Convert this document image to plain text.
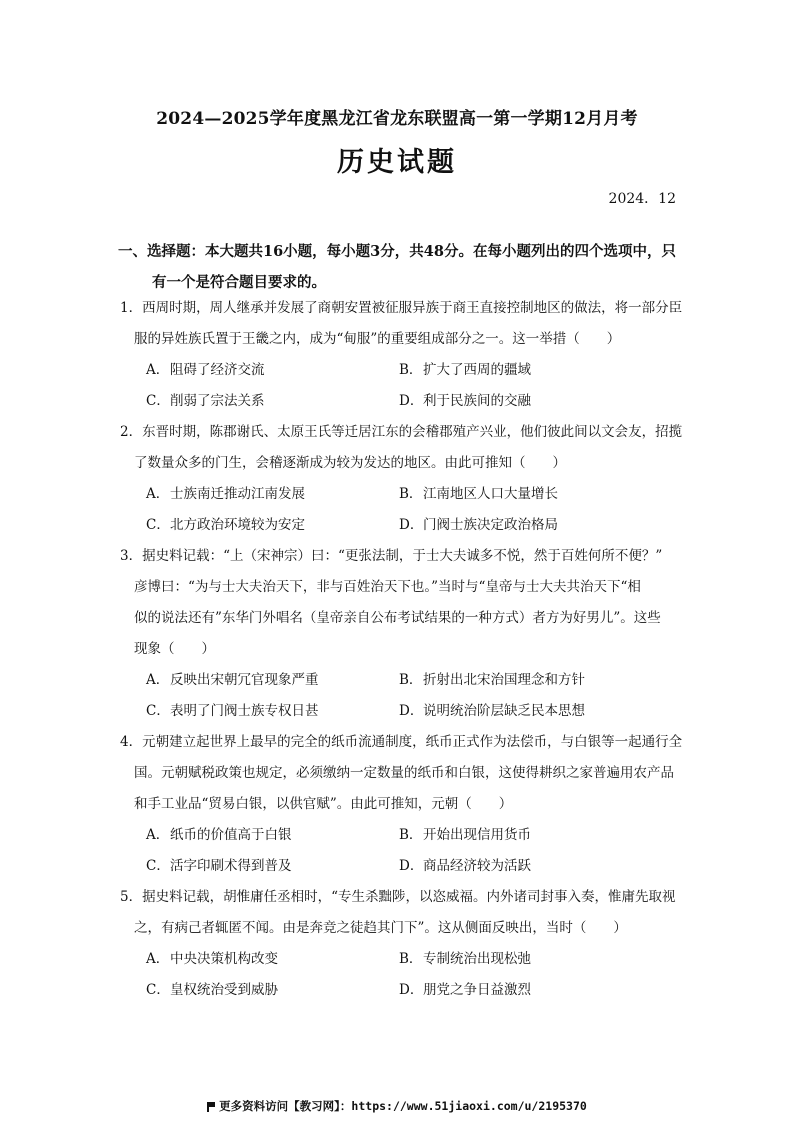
2024—2025学年度黑龙江省龙东联盟高一第一学期12月月考
历史试题
2024．12
一、选择题：本大题共16小题，每小题3分，共48分。在每小题列出的四个选项中，只
有一个是符合题目要求的。
1．西周时期，周人继承并发展了商朝安置被征服异族于商王直接控制地区的做法，将一部分臣
服的异姓族氏置于王畿之内，成为“甸服”的重要组成部分之一。这一举措（　　）
A．阻碍了经济交流	B．扩大了西周的疆域
C．削弱了宗法关系	D．利于民族间的交融
2．东晋时期，陈郡谢氏、太原王氏等迁居江东的会稽郡殖产兴业，他们彼此间以文会友，招揽
了数量众多的门生，会稽逐渐成为较为发达的地区。由此可推知（　　）
A．士族南迁推动江南发展	B．江南地区人口大量增长
C．北方政治环境较为安定	D．门阀士族决定政治格局
3．据史料记载：“上（宋神宗）曰：“更张法制，于士大夫诚多不悦，然于百姓何所不便？”
彦博曰：“为与士大夫治天下，非与百姓治天下也。”当时与“皇帝与士大夫共治天下“相
似的说法还有”东华门外唱名（皇帝亲自公布考试结果的一种方式）者方为好男儿”。这些
现象（　　）
A．反映出宋朝冗官现象严重	B．折射出北宋治国理念和方针
C．表明了门阀士族专权日甚	D．说明统治阶层缺乏民本思想
4．元朝建立起世界上最早的完全的纸币流通制度，纸币正式作为法偿币，与白银等一起通行全
国。元朝赋税政策也规定，必须缴纳一定数量的纸币和白银，这使得耕织之家普遍用农产品
和手工业品“贸易白银，以供官赋”。由此可推知，元朝（　　）
A．纸币的价值高于白银	B．开始出现信用货币
C．活字印刷术得到普及	D．商品经济较为活跃
5．据史料记载，胡惟庸任丞相时，“专生杀黜陟，以恣威福。内外诸司封事入奏，惟庸先取视
之，有病己者辄匿不闻。由是奔竞之徒趋其门下”。这从侧面反映出，当时（　　）
A．中央决策机构改变	B．专制统治出现松弛
C．皇权统治受到威胁	D．朋党之争日益激烈
更多资料访问【教习网】：https://www.51jiaoxi.com/u/2195370
